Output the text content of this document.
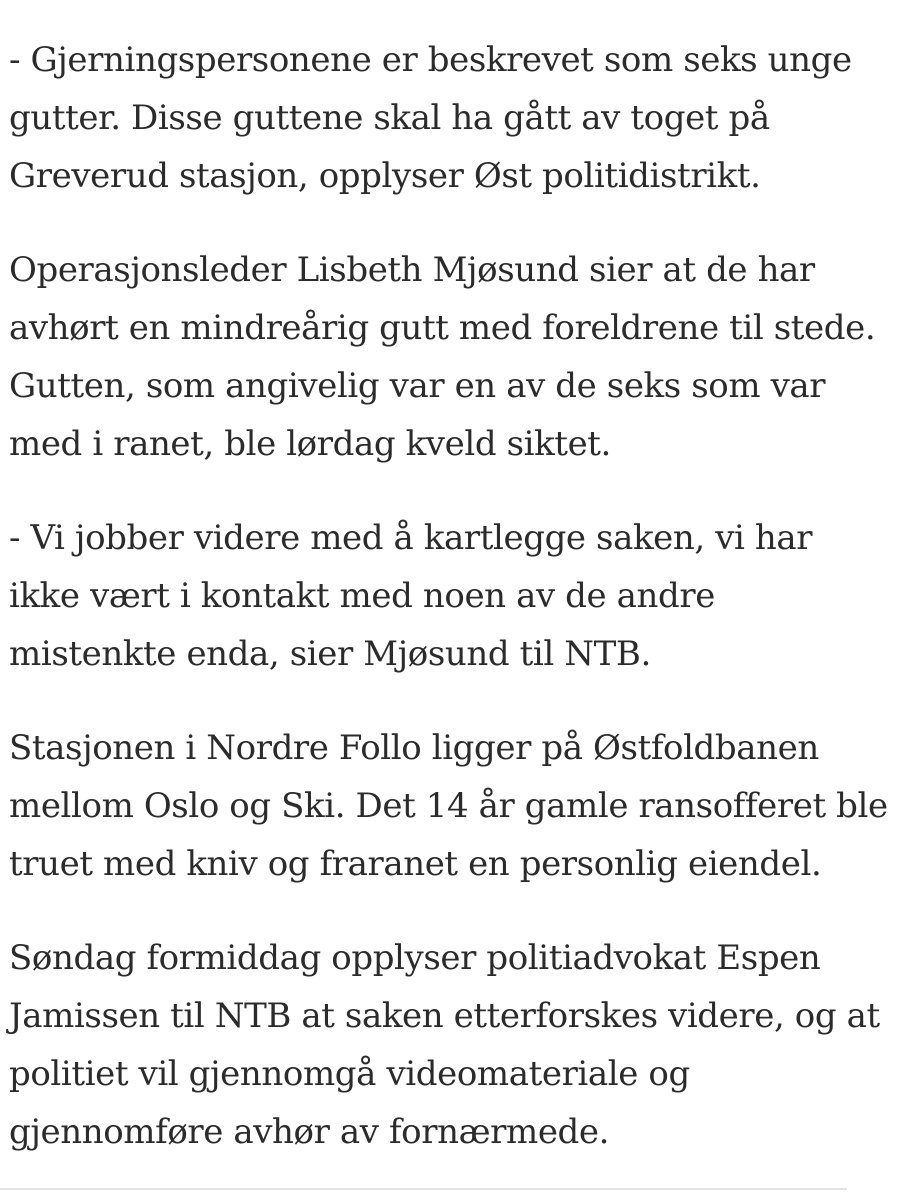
- Gjerningspersonene er beskrevet som seks unge
gutter. Disse guttene skal ha gått av toget på
Greverud stasjon, opplyser Øst politidistrikt.

Operasjonsleder Lisbeth Mjøsund sier at de har
avhørt en mindreårig gutt med foreldrene til stede.
Gutten, som angivelig var en av de seks som var
med i ranet, ble lørdag kveld siktet.

- Vi jobber videre med å kartlegge saken, vi har
ikke vært i kontakt med noen av de andre
mistenkte enda, sier Mjøsund til NTB.

Stasjonen i Nordre Follo ligger på Østfoldbanen
mellom Oslo og Ski. Det 14 år gamle ransofferet ble
truet med kniv og fraranet en personlig eiendel.

Søndag formiddag opplyser politiadvokat Espen
Jamissen til NTB at saken etterforskes videre, og at
politiet vil gjennomgå videomateriale og
gjennomføre avhør av fornærmede.
